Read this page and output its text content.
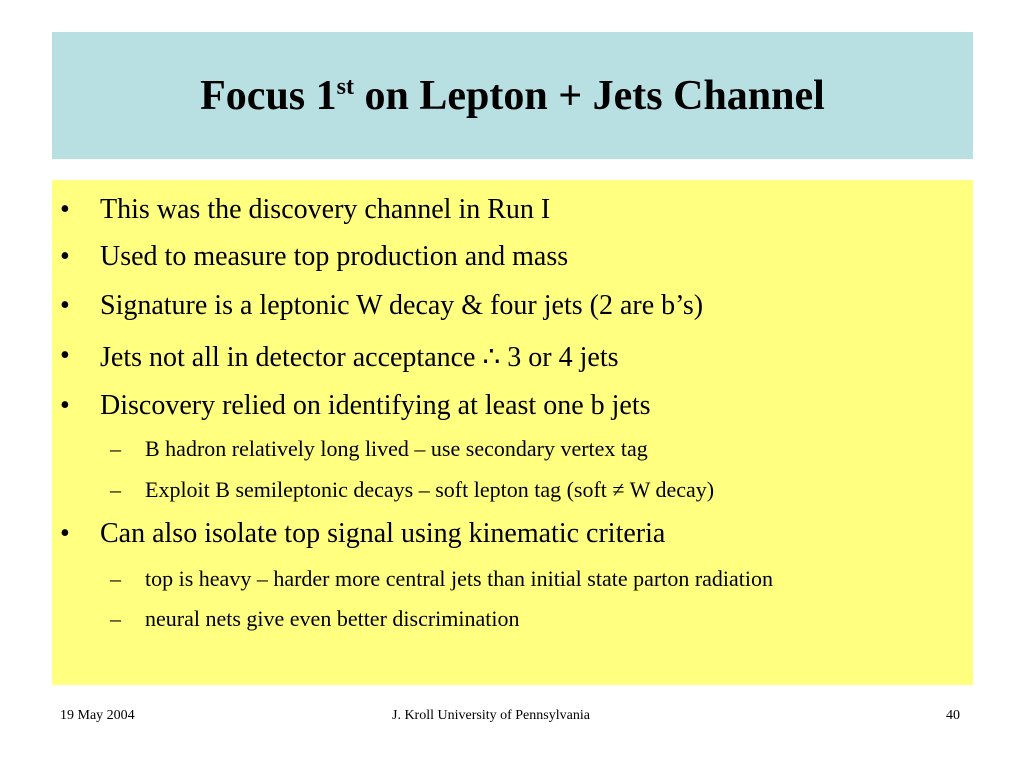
Focus 1st on Lepton + Jets Channel
• This was the discovery channel in Run I
• Used to measure top production and mass
• Signature is a leptonic W decay & four jets (2 are b’s)
• Jets not all in detector acceptance ∴ 3 or 4 jets
• Discovery relied on identifying at least one b jets
– B hadron relatively long lived – use secondary vertex tag
– Exploit B semileptonic decays – soft lepton tag (soft ≠ W decay)
• Can also isolate top signal using kinematic criteria
– top is heavy – harder more central jets than initial state parton radiation
– neural nets give even better discrimination
19 May 2004	J. Kroll University of Pennsylvania	40
